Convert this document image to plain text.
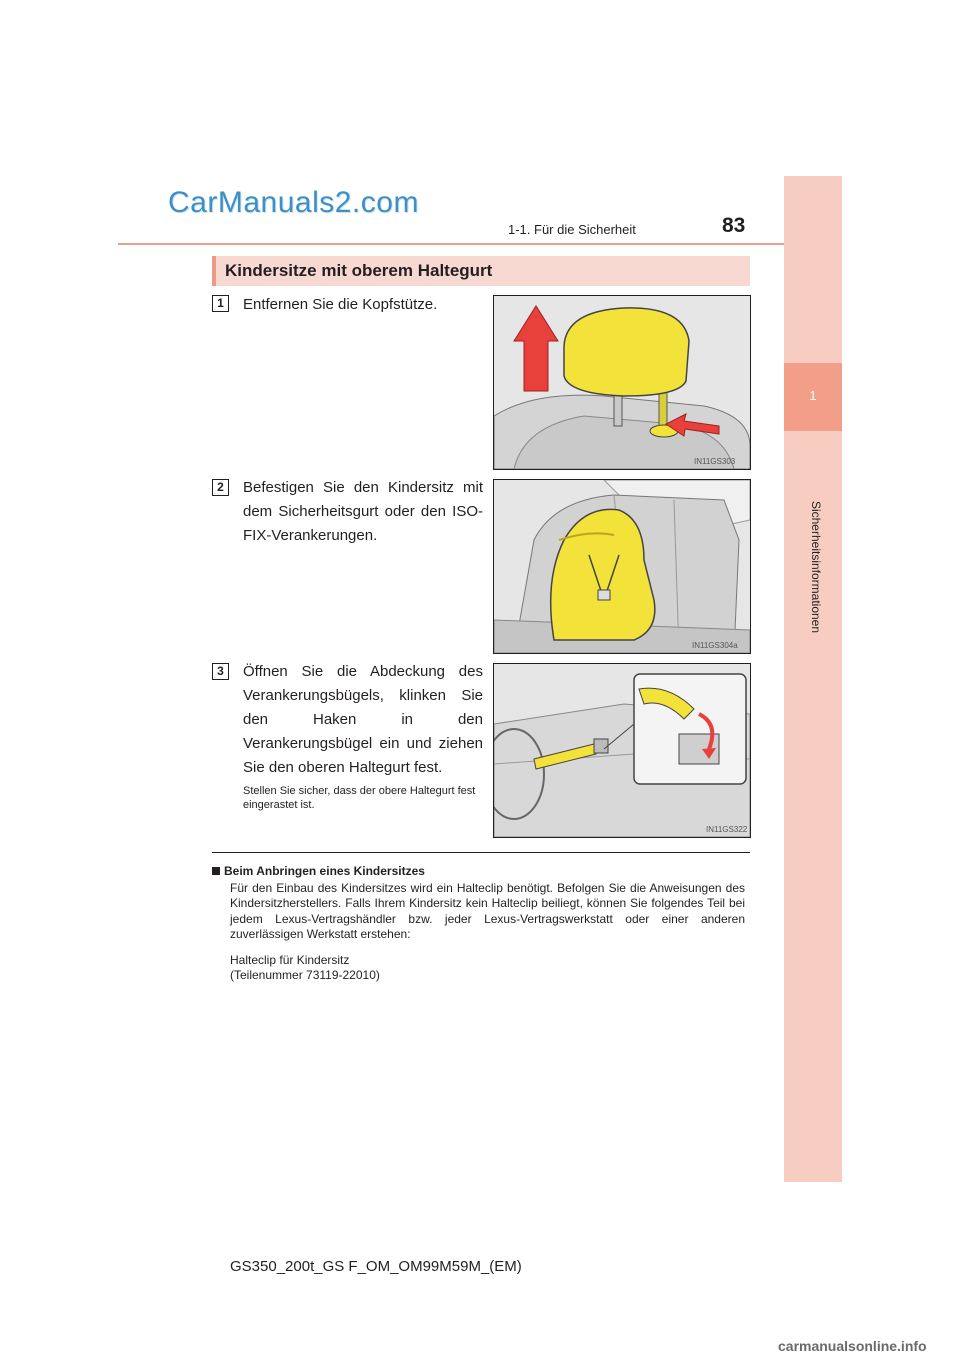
CarManuals2.com
83
1-1. Für die Sicherheit
1
Sicherheitsinformationen
Kindersitze mit oberem Haltegurt
1	Entfernen Sie die Kopfstütze.
IN11GS303
2	Befestigen Sie den Kindersitz mit dem Sicherheitsgurt oder den ISO-FIX-Verankerungen.
IN11GS304a
3	Öffnen Sie die Abdeckung des Verankerungsbügels, klinken Sie den Haken in den Verankerungsbügel ein und ziehen Sie den oberen Haltegurt fest.
Stellen Sie sicher, dass der obere Haltegurt fest eingerastet ist.
IN11GS322
Beim Anbringen eines Kindersitzes
Für den Einbau des Kindersitzes wird ein Halteclip benötigt. Befolgen Sie die Anweisungen des Kindersitzherstellers. Falls Ihrem Kindersitz kein Halteclip beiliegt, können Sie folgendes Teil bei jedem Lexus-Vertragshändler bzw. jeder Lexus-Vertragswerkstatt oder einer anderen zuverlässigen Werkstatt erstehen:
Halteclip für Kindersitz
(Teilenummer 73119-22010)
GS350_200t_GS F_OM_OM99M59M_(EM)
carmanualsonline.info
